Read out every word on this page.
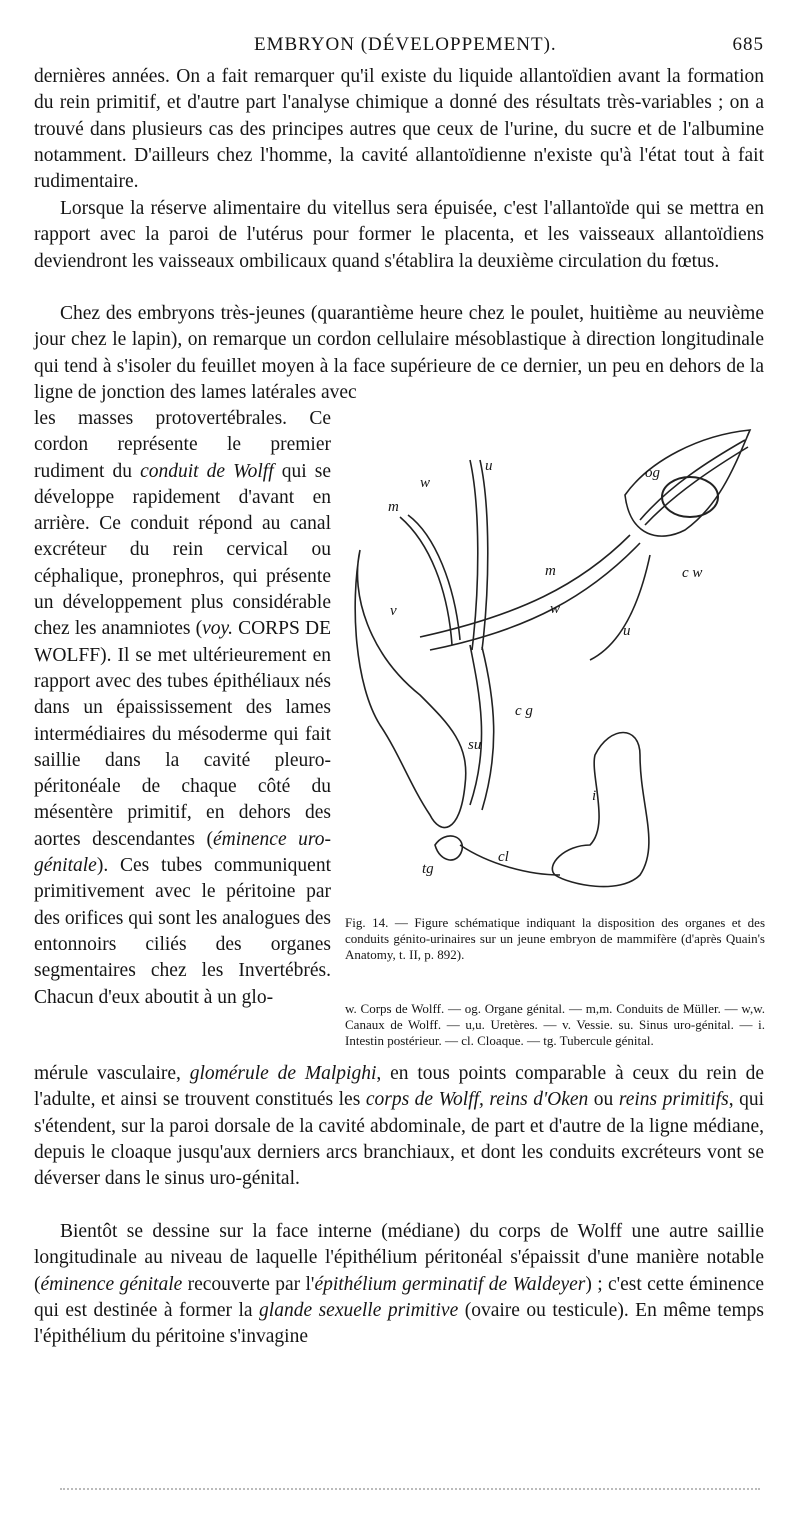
EMBRYON (DÉVELOPPEMENT).	685

dernières années. On a fait remarquer qu'il existe du liquide allantoïdien avant la formation du rein primitif, et d'autre part l'analyse chimique a donné des résultats très-variables ; on a trouvé dans plusieurs cas des principes autres que ceux de l'urine, du sucre et de l'albumine notamment. D'ailleurs chez l'homme, la cavité allantoïdienne n'existe qu'à l'état tout à fait rudimentaire.

Lorsque la réserve alimentaire du vitellus sera épuisée, c'est l'allantoïde qui se mettra en rapport avec la paroi de l'utérus pour former le placenta, et les vaisseaux allantoïdiens deviendront les vaisseaux ombilicaux quand s'établira la deuxième circulation du fœtus.

Chez des embryons très-jeunes (quarantième heure chez le poulet, huitième au neuvième jour chez le lapin), on remarque un cordon cellulaire mésoblastique à direction longitudinale qui tend à s'isoler du feuillet moyen à la face supérieure de ce dernier, un peu en dehors de la ligne de jonction des lames latérales avec

les masses protovertébrales. Ce cordon représente le premier rudiment du conduit de Wolff qui se développe rapidement d'avant en arrière. Ce conduit répond au canal excréteur du rein cervical ou céphalique, pronephros, qui présente un développement plus considérable chez les anamniotes (voy. CORPS DE WOLFF). Il se met ultérieurement en rapport avec des tubes épithéliaux nés dans un épaississement des lames intermédiaires du mésoderme qui fait saillie dans la cavité pleuro-péritonéale de chaque côté du mésentère primitif, en dehors des aortes descendantes (éminence uro-génitale). Ces tubes communiquent primitivement avec le péritoine par des orifices qui sont les analogues des entonnoirs ciliés des organes segmentaires chez les Invertébrés. Chacun d'eux aboutit à un glo-

u
w
m
og
c w
m
w
u
v
c g
su
i
cl
tg
Fig. 14. — Figure schématique indiquant la disposition des organes et des conduits génito-urinaires sur un jeune embryon de mammifère (d'après Quain's Anatomy, t. II, p. 892).
w. Corps de Wolff. — og. Organe génital. — m,m. Conduits de Müller. — w,w. Canaux de Wolff. — u,u. Uretères. — v. Vessie. su. Sinus uro-génital. — i. Intestin postérieur. — cl. Cloaque. — tg. Tubercule génital.

mérule vasculaire, glomérule de Malpighi, en tous points comparable à ceux du rein de l'adulte, et ainsi se trouvent constitués les corps de Wolff, reins d'Oken ou reins primitifs, qui s'étendent, sur la paroi dorsale de la cavité abdominale, de part et d'autre de la ligne médiane, depuis le cloaque jusqu'aux derniers arcs branchiaux, et dont les conduits excréteurs vont se déverser dans le sinus uro-génital.

Bientôt se dessine sur la face interne (médiane) du corps de Wolff une autre saillie longitudinale au niveau de laquelle l'épithélium péritonéal s'épaissit d'une manière notable (éminence génitale recouverte par l'épithélium germinatif de Waldeyer) ; c'est cette éminence qui est destinée à former la glande sexuelle primitive (ovaire ou testicule). En même temps l'épithélium du péritoine s'invagine
